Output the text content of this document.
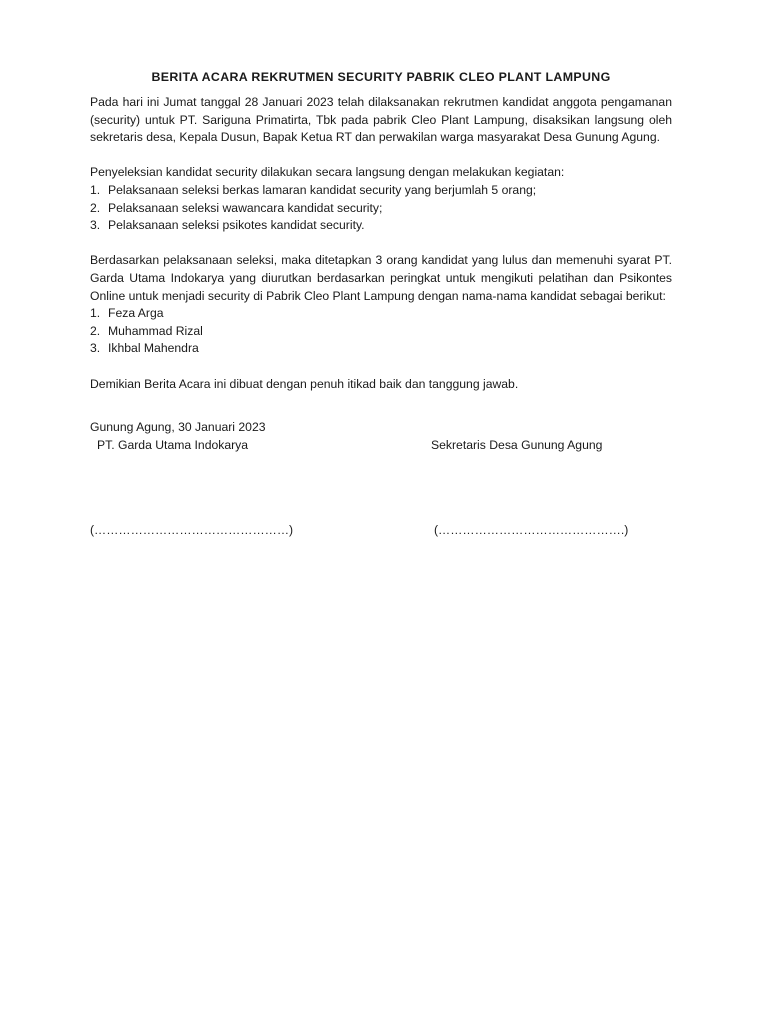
BERITA ACARA REKRUTMEN SECURITY PABRIK CLEO PLANT LAMPUNG

Pada hari ini Jumat tanggal 28 Januari 2023 telah dilaksanakan rekrutmen kandidat anggota pengamanan (security) untuk PT. Sariguna Primatirta, Tbk pada pabrik Cleo Plant Lampung, disaksikan langsung oleh sekretaris desa, Kepala Dusun, Bapak Ketua RT dan perwakilan warga masyarakat Desa Gunung Agung.

Penyeleksian kandidat security dilakukan secara langsung dengan melakukan kegiatan:

1. Pelaksanaan seleksi berkas lamaran kandidat security yang berjumlah 5 orang;
2. Pelaksanaan seleksi wawancara kandidat security;
3. Pelaksanaan seleksi psikotes kandidat security.

Berdasarkan pelaksanaan seleksi, maka ditetapkan 3 orang kandidat yang lulus dan memenuhi syarat PT. Garda Utama Indokarya yang diurutkan berdasarkan peringkat untuk mengikuti pelatihan dan Psikontes Online untuk menjadi security di Pabrik Cleo Plant Lampung dengan nama-nama kandidat sebagai berikut:

1. Feza Arga
2. Muhammad Rizal
3. Ikhbal Mahendra

Demikian Berita Acara ini dibuat dengan penuh itikad baik dan tanggung jawab.

Gunung Agung, 30 Januari 2023

PT. Garda Utama Indokarya	Sekretaris Desa Gunung Agung
(…………………………………………)	(……………………………………….)
